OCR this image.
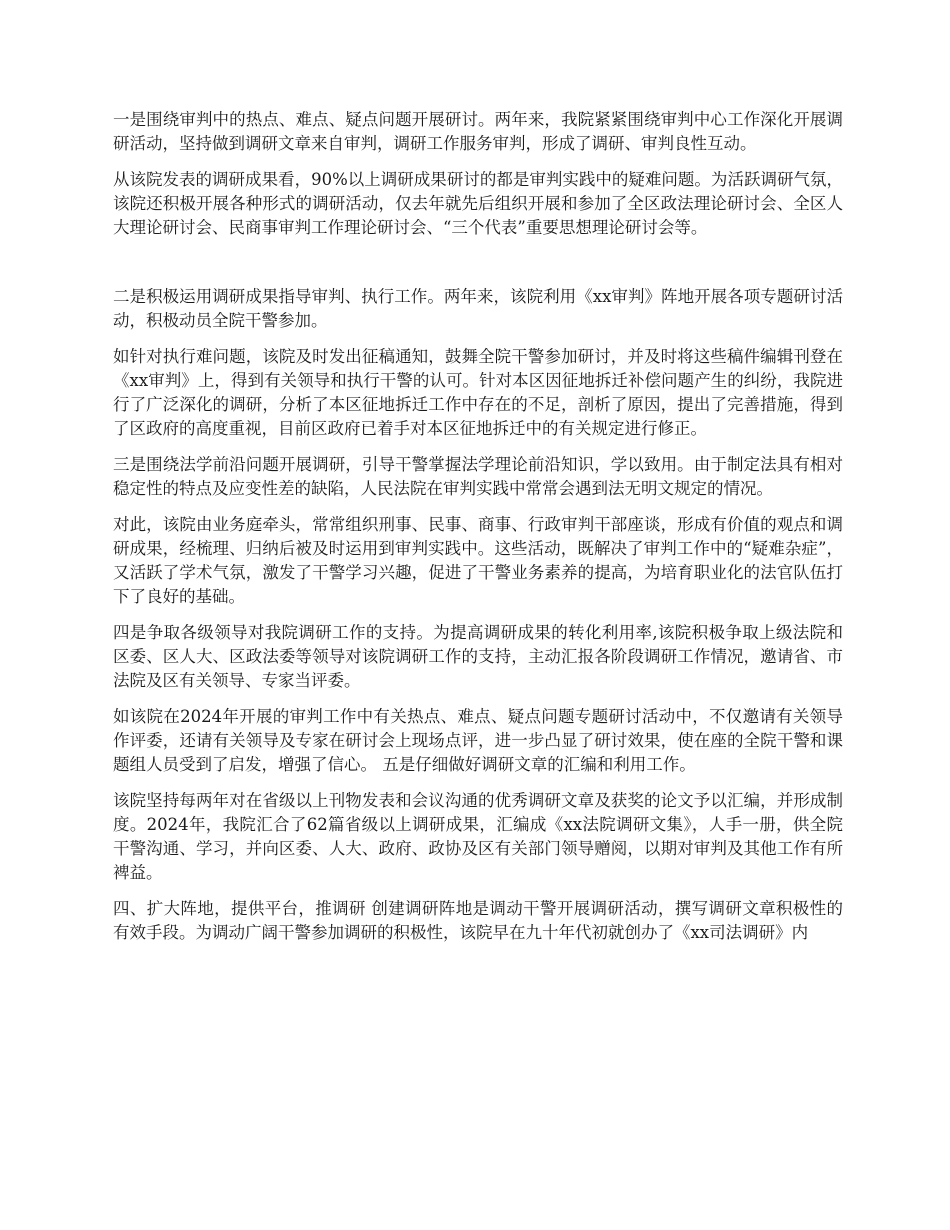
一是围绕审判中的热点、难点、疑点问题开展研讨。两年来，我院紧紧围绕审判中心工作深化开展调研活动，坚持做到调研文章来自审判，调研工作服务审判，形成了调研、审判良性互动。

从该院发表的调研成果看，90%以上调研成果研讨的都是审判实践中的疑难问题。为活跃调研气氛，该院还积极开展各种形式的调研活动，仅去年就先后组织开展和参加了全区政法理论研讨会、全区人大理论研讨会、民商事审判工作理论研讨会、“三个代表”重要思想理论研讨会等。

二是积极运用调研成果指导审判、执行工作。两年来，该院利用《xx审判》阵地开展各项专题研讨活动，积极动员全院干警参加。

如针对执行难问题，该院及时发出征稿通知，鼓舞全院干警参加研讨，并及时将这些稿件编辑刊登在《xx审判》上，得到有关领导和执行干警的认可。针对本区因征地拆迁补偿问题产生的纠纷，我院进行了广泛深化的调研，分析了本区征地拆迁工作中存在的不足，剖析了原因，提出了完善措施，得到了区政府的高度重视，目前区政府已着手对本区征地拆迁中的有关规定进行修正。

三是围绕法学前沿问题开展调研，引导干警掌握法学理论前沿知识，学以致用。由于制定法具有相对稳定性的特点及应变性差的缺陷，人民法院在审判实践中常常会遇到法无明文规定的情况。

对此，该院由业务庭牵头，常常组织刑事、民事、商事、行政审判干部座谈，形成有价值的观点和调研成果，经梳理、归纳后被及时运用到审判实践中。这些活动，既解决了审判工作中的“疑难杂症”，又活跃了学术气氛，激发了干警学习兴趣，促进了干警业务素养的提高，为培育职业化的法官队伍打下了良好的基础。

四是争取各级领导对我院调研工作的支持。为提高调研成果的转化利用率,该院积极争取上级法院和区委、区人大、区政法委等领导对该院调研工作的支持，主动汇报各阶段调研工作情况，邀请省、市法院及区有关领导、专家当评委。

如该院在2024年开展的审判工作中有关热点、难点、疑点问题专题研讨活动中，不仅邀请有关领导作评委，还请有关领导及专家在研讨会上现场点评，进一步凸显了研讨效果，使在座的全院干警和课题组人员受到了启发，增强了信心。 五是仔细做好调研文章的汇编和利用工作。

该院坚持每两年对在省级以上刊物发表和会议沟通的优秀调研文章及获奖的论文予以汇编，并形成制度。2024年，我院汇合了62篇省级以上调研成果，汇编成《xx法院调研文集》，人手一册，供全院干警沟通、学习，并向区委、人大、政府、政协及区有关部门领导赠阅，以期对审判及其他工作有所裨益。

四、扩大阵地，提供平台，推调研 创建调研阵地是调动干警开展调研活动，撰写调研文章积极性的有效手段。为调动广阔干警参加调研的积极性，该院早在九十年代初就创办了《xx司法调研》内
